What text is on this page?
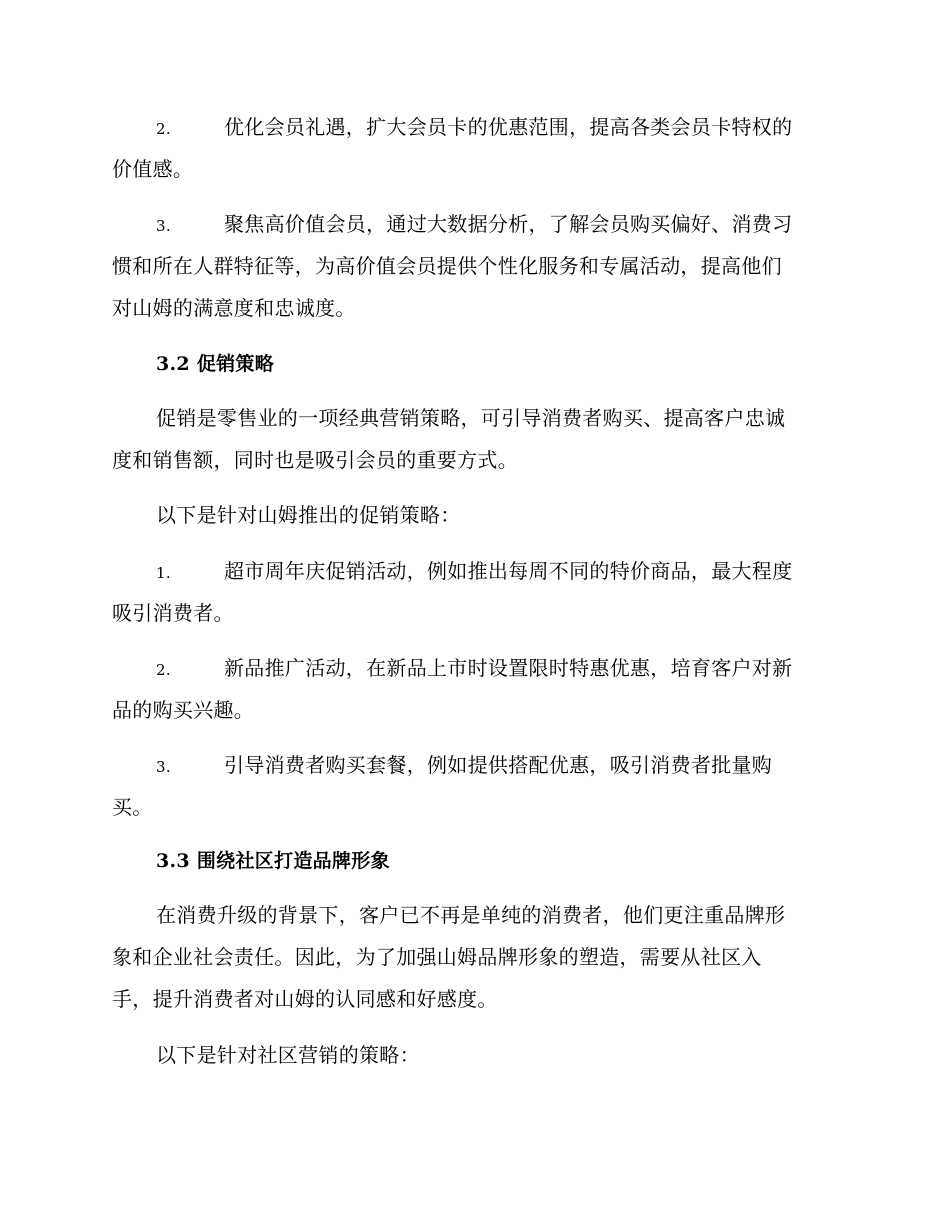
2.	优化会员礼遇，扩大会员卡的优惠范围，提高各类会员卡特权的
价值感。
3.	聚焦高价值会员，通过大数据分析，了解会员购买偏好、消费习
惯和所在人群特征等，为高价值会员提供个性化服务和专属活动，提高他们
对山姆的满意度和忠诚度。
3.2 促销策略
促销是零售业的一项经典营销策略，可引导消费者购买、提高客户忠诚
度和销售额，同时也是吸引会员的重要方式。
以下是针对山姆推出的促销策略：
1.	超市周年庆促销活动，例如推出每周不同的特价商品，最大程度
吸引消费者。
2.	新品推广活动，在新品上市时设置限时特惠优惠，培育客户对新
品的购买兴趣。
3.	引导消费者购买套餐，例如提供搭配优惠，吸引消费者批量购
买。
3.3 围绕社区打造品牌形象
在消费升级的背景下，客户已不再是单纯的消费者，他们更注重品牌形
象和企业社会责任。因此，为了加强山姆品牌形象的塑造，需要从社区入
手，提升消费者对山姆的认同感和好感度。
以下是针对社区营销的策略：
